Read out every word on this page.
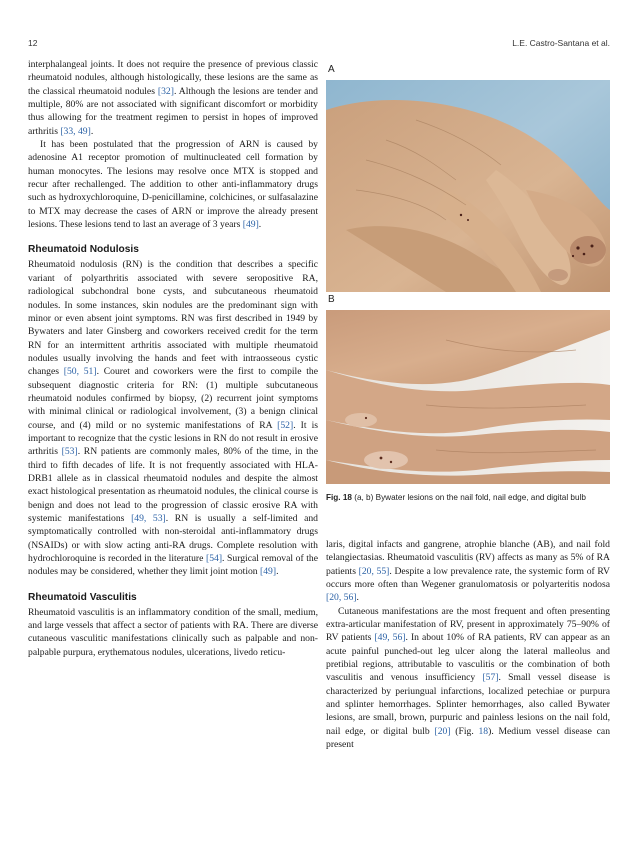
12	L.E. Castro-Santana et al.

interphalangeal joints. It does not require the presence of previous classic rheumatoid nodules, although histologically, these lesions are the same as the classical rheumatoid nodules [32]. Although the lesions are tender and multiple, 80% are not associated with significant discomfort or morbidity thus allowing for the treatment regimen to persist in hopes of improved arthritis [33, 49].

It has been postulated that the progression of ARN is caused by adenosine A1 receptor promotion of multinucleated cell formation by human monocytes. The lesions may resolve once MTX is stopped and recur after rechallenged. The addition to other anti-inflammatory drugs such as hydroxychloroquine, D-penicillamine, colchicines, or sulfasalazine to MTX may decrease the cases of ARN or improve the already present lesions. These lesions tend to last an average of 3 years [49].

Rheumatoid Nodulosis

Rheumatoid nodulosis (RN) is the condition that describes a specific variant of polyarthritis associated with severe seropositive RA, radiological subchondral bone cysts, and subcutaneous rheumatoid nodules. In some instances, skin nodules are the predominant sign with minor or even absent joint symptoms. RN was first described in 1949 by Bywaters and later Ginsberg and coworkers received credit for the term RN for an intermittent arthritis associated with multiple rheumatoid nodules usually involving the hands and feet with intraosseous cystic changes [50, 51]. Couret and coworkers were the first to compile the subsequent diagnostic criteria for RN: (1) multiple subcutaneous rheumatoid nodules confirmed by biopsy, (2) recurrent joint symptoms with minimal clinical or radiological involvement, (3) a benign clinical course, and (4) mild or no systemic manifestations of RA [52]. It is important to recognize that the cystic lesions in RN do not result in erosive arthritis [53]. RN patients are commonly males, 80% of the time, in the third to fifth decades of life. It is not frequently associated with HLA-DRB1 allele as in classical rheumatoid nodules and despite the almost exact histological presentation as rheumatoid nodules, the clinical course is benign and does not lead to the progression of classic erosive RA with systemic manifestations [49, 53]. RN is usually a self-limited and symptomatically controlled with non-steroidal anti-inflammatory drugs (NSAIDs) or with slow acting anti-RA drugs. Complete resolution with hydrochloroquine is recorded in the literature [54]. Surgical removal of the nodules may be considered, whether they limit joint motion [49].

Rheumatoid Vasculitis

Rheumatoid vasculitis is an inflammatory condition of the small, medium, and large vessels that affect a sector of patients with RA. There are diverse cutaneous vasculitic manifestations clinically such as palpable and non-palpable purpura, erythematous nodules, ulcerations, livedo reticu-

A
B
Fig. 18 (a, b) Bywater lesions on the nail fold, nail edge, and digital bulb

laris, digital infacts and gangrene, atrophie blanche (AB), and nail fold telangiectasias. Rheumatoid vasculitis (RV) affects as many as 5% of RA patients [20, 55]. Despite a low prevalence rate, the systemic form of RV occurs more often than Wegener granulomatosis or polyarteritis nodosa [20, 56].

Cutaneous manifestations are the most frequent and often presenting extra-articular manifestation of RV, present in approximately 75–90% of RV patients [49, 56]. In about 10% of RA patients, RV can appear as an acute painful punched-out leg ulcer along the lateral malleolus and pretibial regions, attributable to vasculitis or the combination of both vasculitis and venous insufficiency [57]. Small vessel disease is characterized by periungual infarctions, localized petechiae or purpura and splinter hemorrhages. Splinter hemorrhages, also called Bywater lesions, are small, brown, purpuric and painless lesions on the nail fold, nail edge, or digital bulb [20] (Fig. 18). Medium vessel disease can present
